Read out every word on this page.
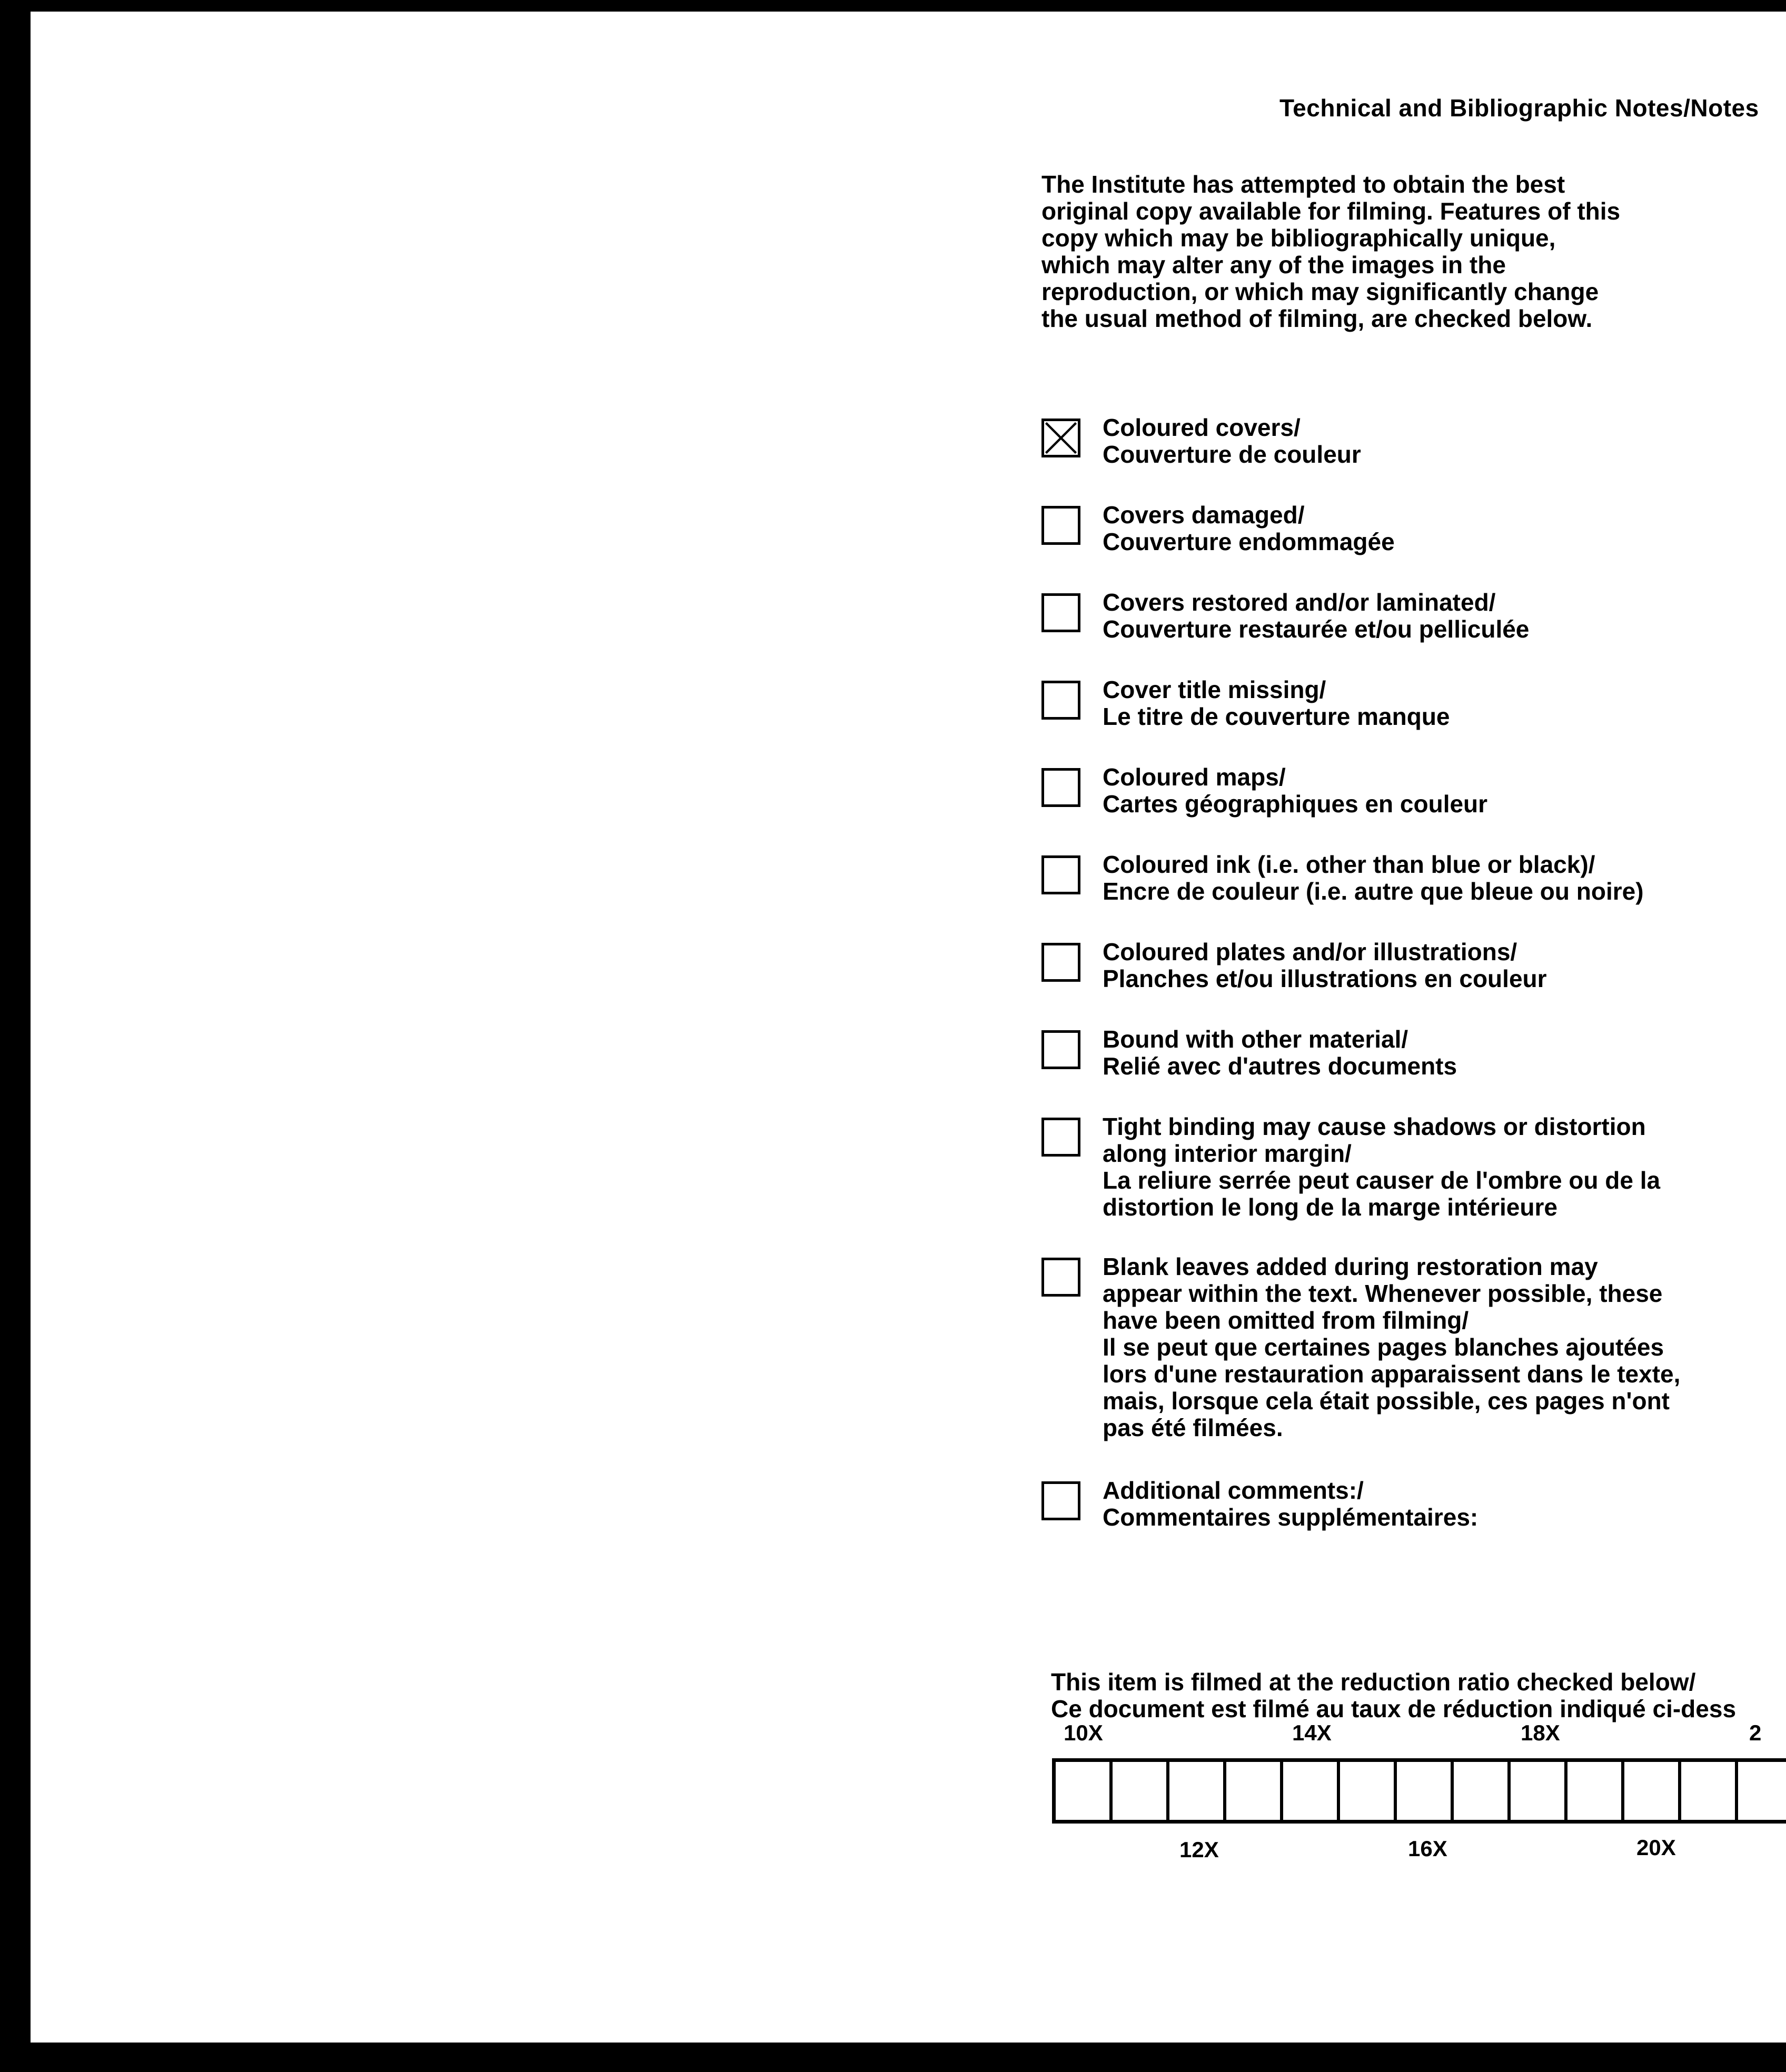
Technical and Bibliographic Notes/Notes
The Institute has attempted to obtain the best
original copy available for filming. Features of this
copy which may be bibliographically unique,
which may alter any of the images in the
reproduction, or which may significantly change
the usual method of filming, are checked below.
Coloured covers/
Couverture de couleur
Covers damaged/
Couverture endommagée
Covers restored and/or laminated/
Couverture restaurée et/ou pelliculée
Cover title missing/
Le titre de couverture manque
Coloured maps/
Cartes géographiques en couleur
Coloured ink (i.e. other than blue or black)/
Encre de couleur (i.e. autre que bleue ou noire)
Coloured plates and/or illustrations/
Planches et/ou illustrations en couleur
Bound with other material/
Relié avec d'autres documents
Tight binding may cause shadows or distortion
along interior margin/
La reliure serrée peut causer de l'ombre ou de la
distortion le long de la marge intérieure
Blank leaves added during restoration may
appear within the text. Whenever possible, these
have been omitted from filming/
Il se peut que certaines pages blanches ajoutées
lors d'une restauration apparaissent dans le texte,
mais, lorsque cela était possible, ces pages n'ont
pas été filmées.
Additional comments:/
Commentaires supplémentaires:
This item is filmed at the reduction ratio checked below/
Ce document est filmé au taux de réduction indiqué ci-dess
10X	14X	18X	2
12X	16X	20X
